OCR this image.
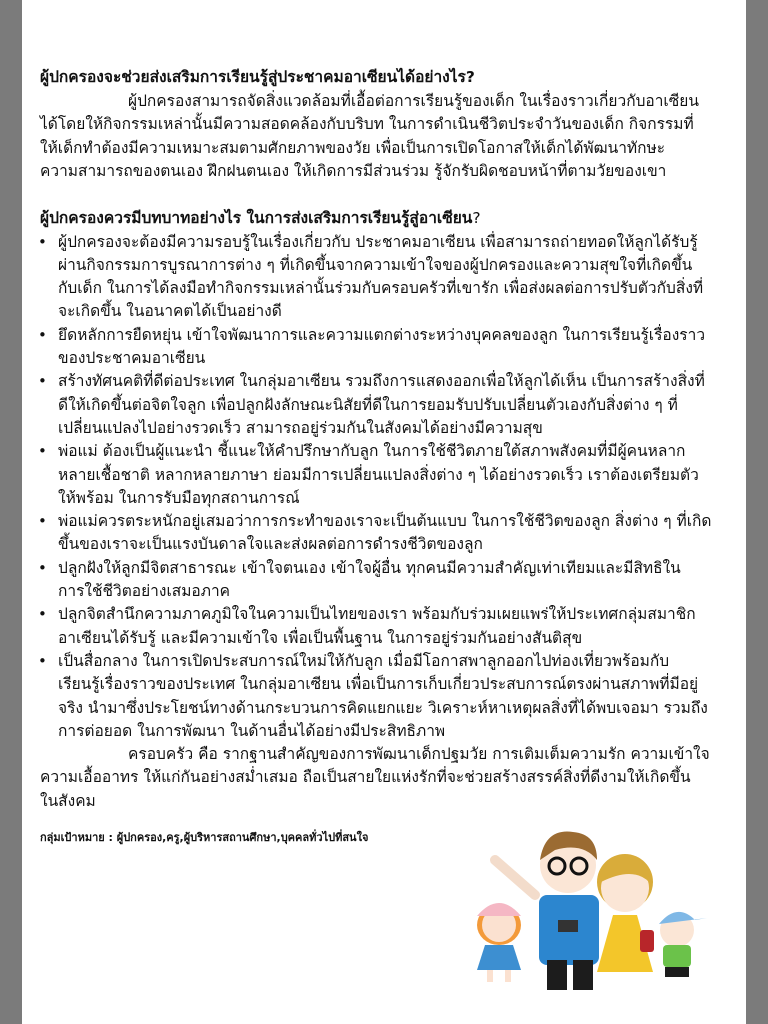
ผู้ปกครองจะช่วยส่งเสริมการเรียนรู้สู่ประชาคมอาเซียนได้อย่างไร?
ผู้ปกครองควรมีบทบาทอย่างไร ในการส่งเสริมการเรียนรู้สู่อาเซียน?
กลุ่มเป้าหมาย : ผู้ปกครอง,ครู,ผู้บริหารสถานศึกษา,บุคคลทั่วไปที่สนใจ
ผู้ปกครองสามารถจัดสิ่งแวดล้อมที่เอื้อต่อการเรียนรู้ของเด็ก ในเรื่องราวเกี่ยวกับอาเซียน
ได้โดยให้กิจกรรมเหล่านั้นมีความสอดคล้องกับบริบท ในการดำเนินชีวิตประจำวันของเด็ก กิจกรรมที่
ให้เด็กทำต้องมีความเหมาะสมตามศักยภาพของวัย เพื่อเป็นการเปิดโอกาสให้เด็กได้พัฒนาทักษะ
ความสามารถของตนเอง ฝึกฝนตนเอง ให้เกิดการมีส่วนร่วม รู้จักรับผิดชอบหน้าที่ตามวัยของเขา
• ผู้ปกครองจะต้องมีความรอบรู้ในเรื่องเกี่ยวกับ ประชาคมอาเซียน เพื่อสามารถถ่ายทอดให้ลูกได้รับรู้
ผ่านกิจกรรมการบูรณาการต่าง ๆ ที่เกิดขึ้นจากความเข้าใจของผู้ปกครองและความสุขใจที่เกิดขึ้น
กับเด็ก ในการได้ลงมือทำกิจกรรมเหล่านั้นร่วมกับครอบครัวที่เขารัก เพื่อส่งผลต่อการปรับตัวกับสิ่งที่
จะเกิดขึ้น ในอนาคตได้เป็นอย่างดี
• ยึดหลักการยืดหยุ่น เข้าใจพัฒนาการและความแตกต่างระหว่างบุคคลของลูก ในการเรียนรู้เรื่องราว
ของประชาคมอาเซียน
• สร้างทัศนคติที่ดีต่อประเทศ ในกลุ่มอาเซียน รวมถึงการแสดงออกเพื่อให้ลูกได้เห็น เป็นการสร้างสิ่งที่
ดีให้เกิดขึ้นต่อจิตใจลูก เพื่อปลูกฝังลักษณะนิสัยที่ดีในการยอมรับปรับเปลี่ยนตัวเองกับสิ่งต่าง ๆ ที่
เปลี่ยนแปลงไปอย่างรวดเร็ว สามารถอยู่ร่วมกันในสังคมได้อย่างมีความสุข
• พ่อแม่ ต้องเป็นผู้แนะนำ ชี้แนะให้คำปรึกษากับลูก ในการใช้ชีวิตภายใต้สภาพสังคมที่มีผู้คนหลาก
หลายเชื้อชาติ หลากหลายภาษา ย่อมมีการเปลี่ยนแปลงสิ่งต่าง ๆ ได้อย่างรวดเร็ว เราต้องเตรียมตัว
ให้พร้อม ในการรับมือทุกสถานการณ์
• พ่อแม่ควรตระหนักอยู่เสมอว่าการกระทำของเราจะเป็นต้นแบบ ในการใช้ชีวิตของลูก สิ่งต่าง ๆ ที่เกิด
ขึ้นของเราจะเป็นแรงบันดาลใจและส่งผลต่อการดำรงชีวิตของลูก
• ปลูกฝังให้ลูกมีจิตสาธารณะ เข้าใจตนเอง เข้าใจผู้อื่น ทุกคนมีความสำคัญเท่าเทียมและมีสิทธิใน
การใช้ชีวิตอย่างเสมอภาค
• ปลูกจิตสำนึกความภาคภูมิใจในความเป็นไทยของเรา พร้อมกับร่วมเผยแพร่ให้ประเทศกลุ่มสมาชิก
อาเซียนได้รับรู้ และมีความเข้าใจ เพื่อเป็นพื้นฐาน ในการอยู่ร่วมกันอย่างสันติสุข
• เป็นสื่อกลาง ในการเปิดประสบการณ์ใหม่ให้กับลูก เมื่อมีโอกาสพาลูกออกไปท่องเที่ยวพร้อมกับ
เรียนรู้เรื่องราวของประเทศ ในกลุ่มอาเซียน เพื่อเป็นการเก็บเกี่ยวประสบการณ์ตรงผ่านสภาพที่มีอยู่
จริง นำมาซึ่งประโยชน์ทางด้านกระบวนการคิดแยกแยะ วิเคราะห์หาเหตุผลสิ่งที่ได้พบเจอมา รวมถึง
การต่อยอด ในการพัฒนา ในด้านอื่นได้อย่างมีประสิทธิภาพ
ครอบครัว คือ รากฐานสำคัญของการพัฒนาเด็กปฐมวัย การเติมเต็มความรัก ความเข้าใจ
ความเอื้ออาทร ให้แก่กันอย่างสม่ำเสมอ ถือเป็นสายใยแห่งรักที่จะช่วยสร้างสรรค์สิ่งที่ดีงามให้เกิดขึ้น
ในสังคม
